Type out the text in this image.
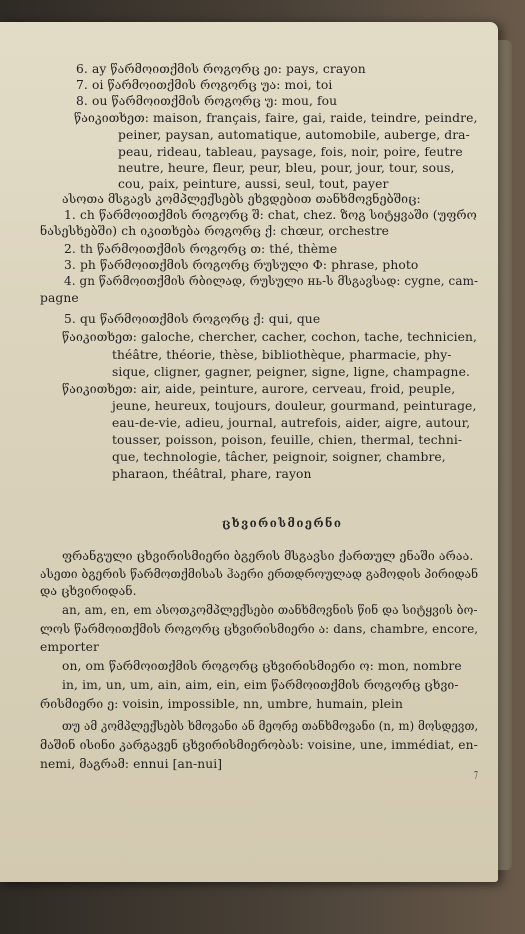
6. ay წარმოითქმის როგორც ეი: pays, crayon

7. oi წარმოითქმის როგორც უა: moi, toi

8. ou წარმოითქმის როგორც უ: mou, fou

წაიკითხეთ: maison, français, faire, gai, raide, teindre, peindre,

peiner, paysan, automatique, automobile, auberge, dra-

peau, rideau, tableau, paysage, fois, noir, poire, feutre

neutre, heure, fleur, peur, bleu, pour, jour, tour, sous,

cou, paix, peinture, aussi, seul, tout, payer

ასოთა მსგავს კომპლექსებს ეხვდებით თანხმოვნებშიც:

1. ch წარმოითქმის როგორც შ: chat, chez. ზოგ სიტყვაში (უფრო

ნასესხებში) ch იკითხება როგორც ქ: chœur, orchestre

2. th წარმოითქმის როგორც თ: thé, thème

3. ph წარმოითქმის როგორც რუსული Ф: phrase, photo

4. gn წარმოითქმის რბილად, რუსული нь-ს მსგავსად: cygne, cam-

pagne

5. qu წარმოითქმის როგორც ქ: qui, que

წაიკითხეთ: galoche, chercher, cacher, cochon, tache, technicien,

théâtre, théorie, thèse, bibliothèque, pharmacie, phy-

sique, cligner, gagner, peigner, signe, ligne, champagne.

წაიკითხეთ: air, aide, peinture, aurore, cerveau, froid, peuple,

jeune, heureux, toujours, douleur, gourmand, peinturage,

eau-de-vie, adieu, journal, autrefois, aider, aigre, autour,

tousser, poisson, poison, feuille, chien, thermal, techni-

que, technologie, tâcher, peignoir, soigner, chambre,

pharaon, théâtral, phare, rayon

ცხვირისმიერნი

ფრანგული ცხვირისმიერი ბგერის მსგავსი ქართულ ენაში არაა.

ასეთი ბგერის წარმოთქმისას ჰაერი ერთდროულად გამოდის პირიდან

და ცხვირიდან.

an, am, en, em ასოთკომპლექსები თანხმოვნის წინ და სიტყვის ბო-

ლოს წარმოითქმის როგორც ცხვირისმიერი ა: dans, chambre, encore,

emporter

on, om წარმოითქმის როგორც ცხვირისმიერი ო: mon, nombre

in, im, un, um, ain, aim, ein, eim წარმოითქმის როგორც ცხვი-

რისმიერი ე: voisin, impossible, nn, umbre, humain, plein

თუ ამ კომპლექსებს ხმოვანი ან მეორე თანხმოვანი (n, m) მოსდევთ,

მაშინ ისინი კარგავენ ცხვირისმიერობას: voisine, une, immédiat, en-

nemi, მაგრამ: ennui [an-nui]

7
